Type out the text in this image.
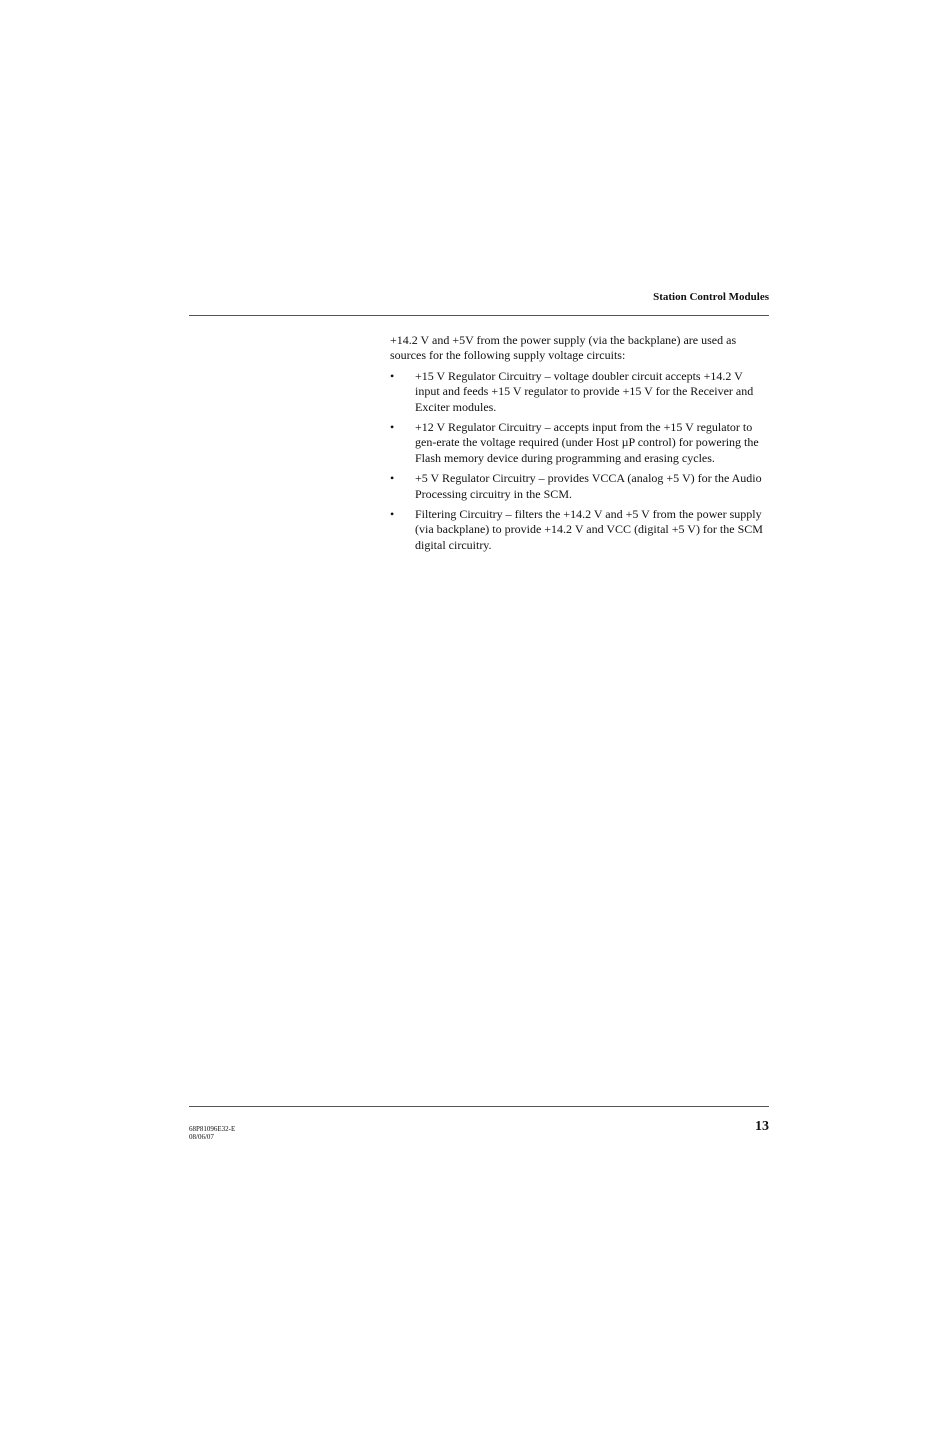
Station Control Modules

+14.2 V and +5V from the power supply (via the backplane) are used as sources for the following supply voltage circuits:

• +15 V Regulator Circuitry – voltage doubler circuit accepts +14.2 V input and feeds +15 V regulator to provide +15 V for the Receiver and Exciter modules.
• +12 V Regulator Circuitry – accepts input from the +15 V regulator to gen-erate the voltage required (under Host µP control) for powering the Flash memory device during programming and erasing cycles.
• +5 V Regulator Circuitry – provides VCCA (analog +5 V) for the Audio Processing circuitry in the SCM.
• Filtering Circuitry – filters the +14.2 V and +5 V from the power supply (via backplane) to provide +14.2 V and VCC (digital +5 V) for the SCM digital circuitry.
68P81096E32-E
08/06/07
13
